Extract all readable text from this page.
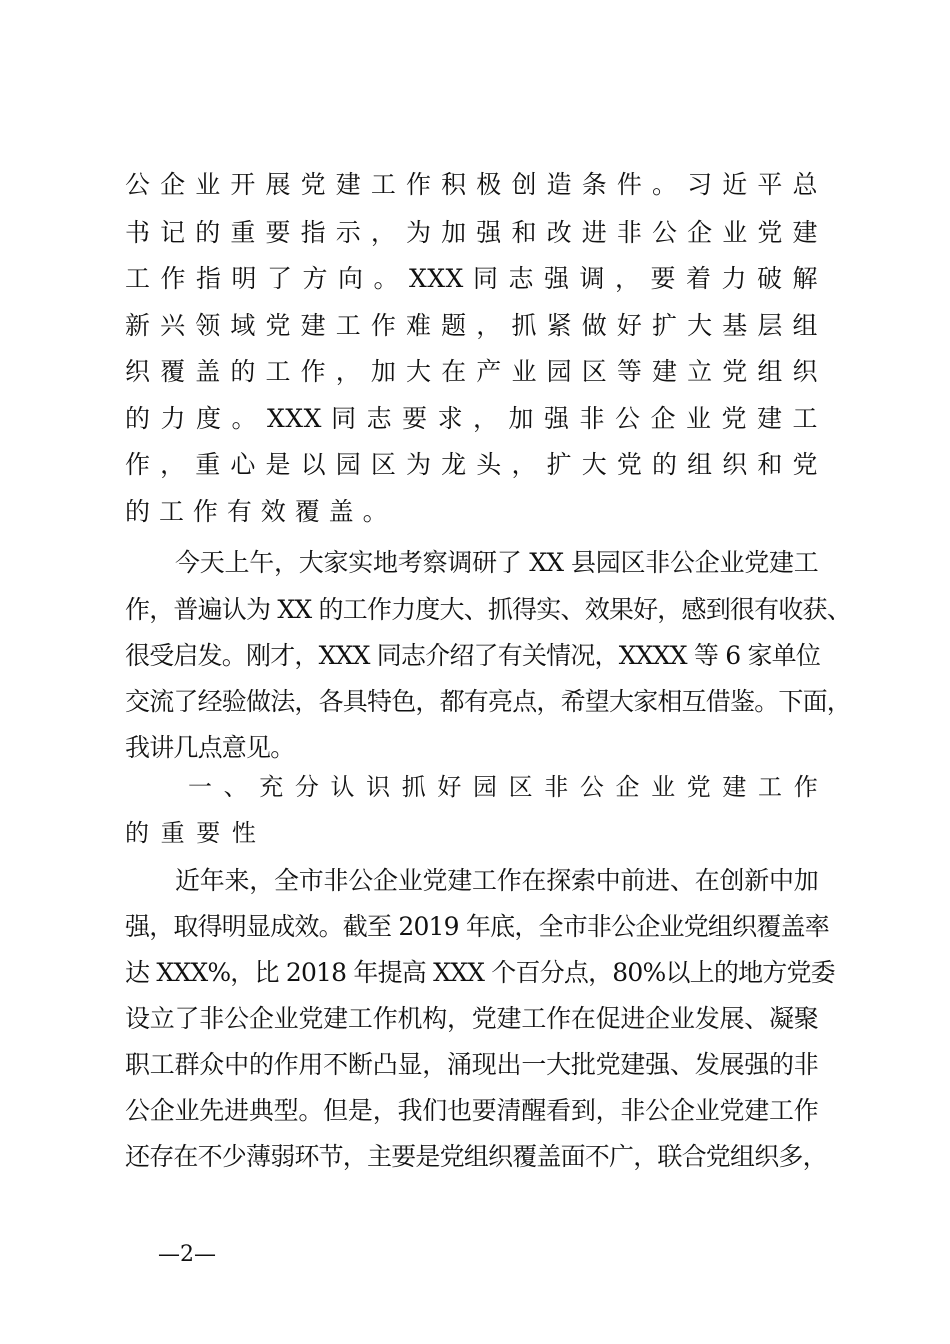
公 企 业 开 展 党 建 工 作 积 极 创 造 条 件 。 习 近 平 总
书 记 的 重 要 指 示 ， 为 加 强 和 改 进 非 公 企 业 党 建
工 作 指 明 了 方 向 。 XXX 同 志 强 调 ， 要 着 力 破 解
新 兴 领 域 党 建 工 作 难 题 ， 抓 紧 做 好 扩 大 基 层 组
织 覆 盖 的 工 作 ， 加 大 在 产 业 园 区 等 建 立 党 组 织
的 力 度 。 XXX 同 志 要 求 ， 加 强 非 公 企 业 党 建 工
作 ， 重 心 是 以 园 区 为 龙 头 ， 扩 大 党 的 组 织 和 党
的 工 作 有 效 覆 盖 。
今天上午，大家实地考察调研了 XX 县园区非公企业党建工
作，普遍认为 XX 的工作力度大、抓得实、效果好，感到很有收获、
很受启发。刚才，XXX 同志介绍了有关情况，XXXX 等 6 家单位
交流了经验做法，各具特色，都有亮点，希望大家相互借鉴。下面，
我讲几点意见。
一 、 充 分 认 识 抓 好 园 区 非 公 企 业 党 建 工 作
的 重 要 性
近年来，全市非公企业党建工作在探索中前进、在创新中加
强，取得明显成效。截至 2019 年底，全市非公企业党组织覆盖率
达 XXX%，比 2018 年提高 XXX 个百分点，80%以上的地方党委
设立了非公企业党建工作机构，党建工作在促进企业发展、凝聚
职工群众中的作用不断凸显，涌现出一大批党建强、发展强的非
公企业先进典型。但是，我们也要清醒看到，非公企业党建工作
还存在不少薄弱环节，主要是党组织覆盖面不广，联合党组织多，
—2—
